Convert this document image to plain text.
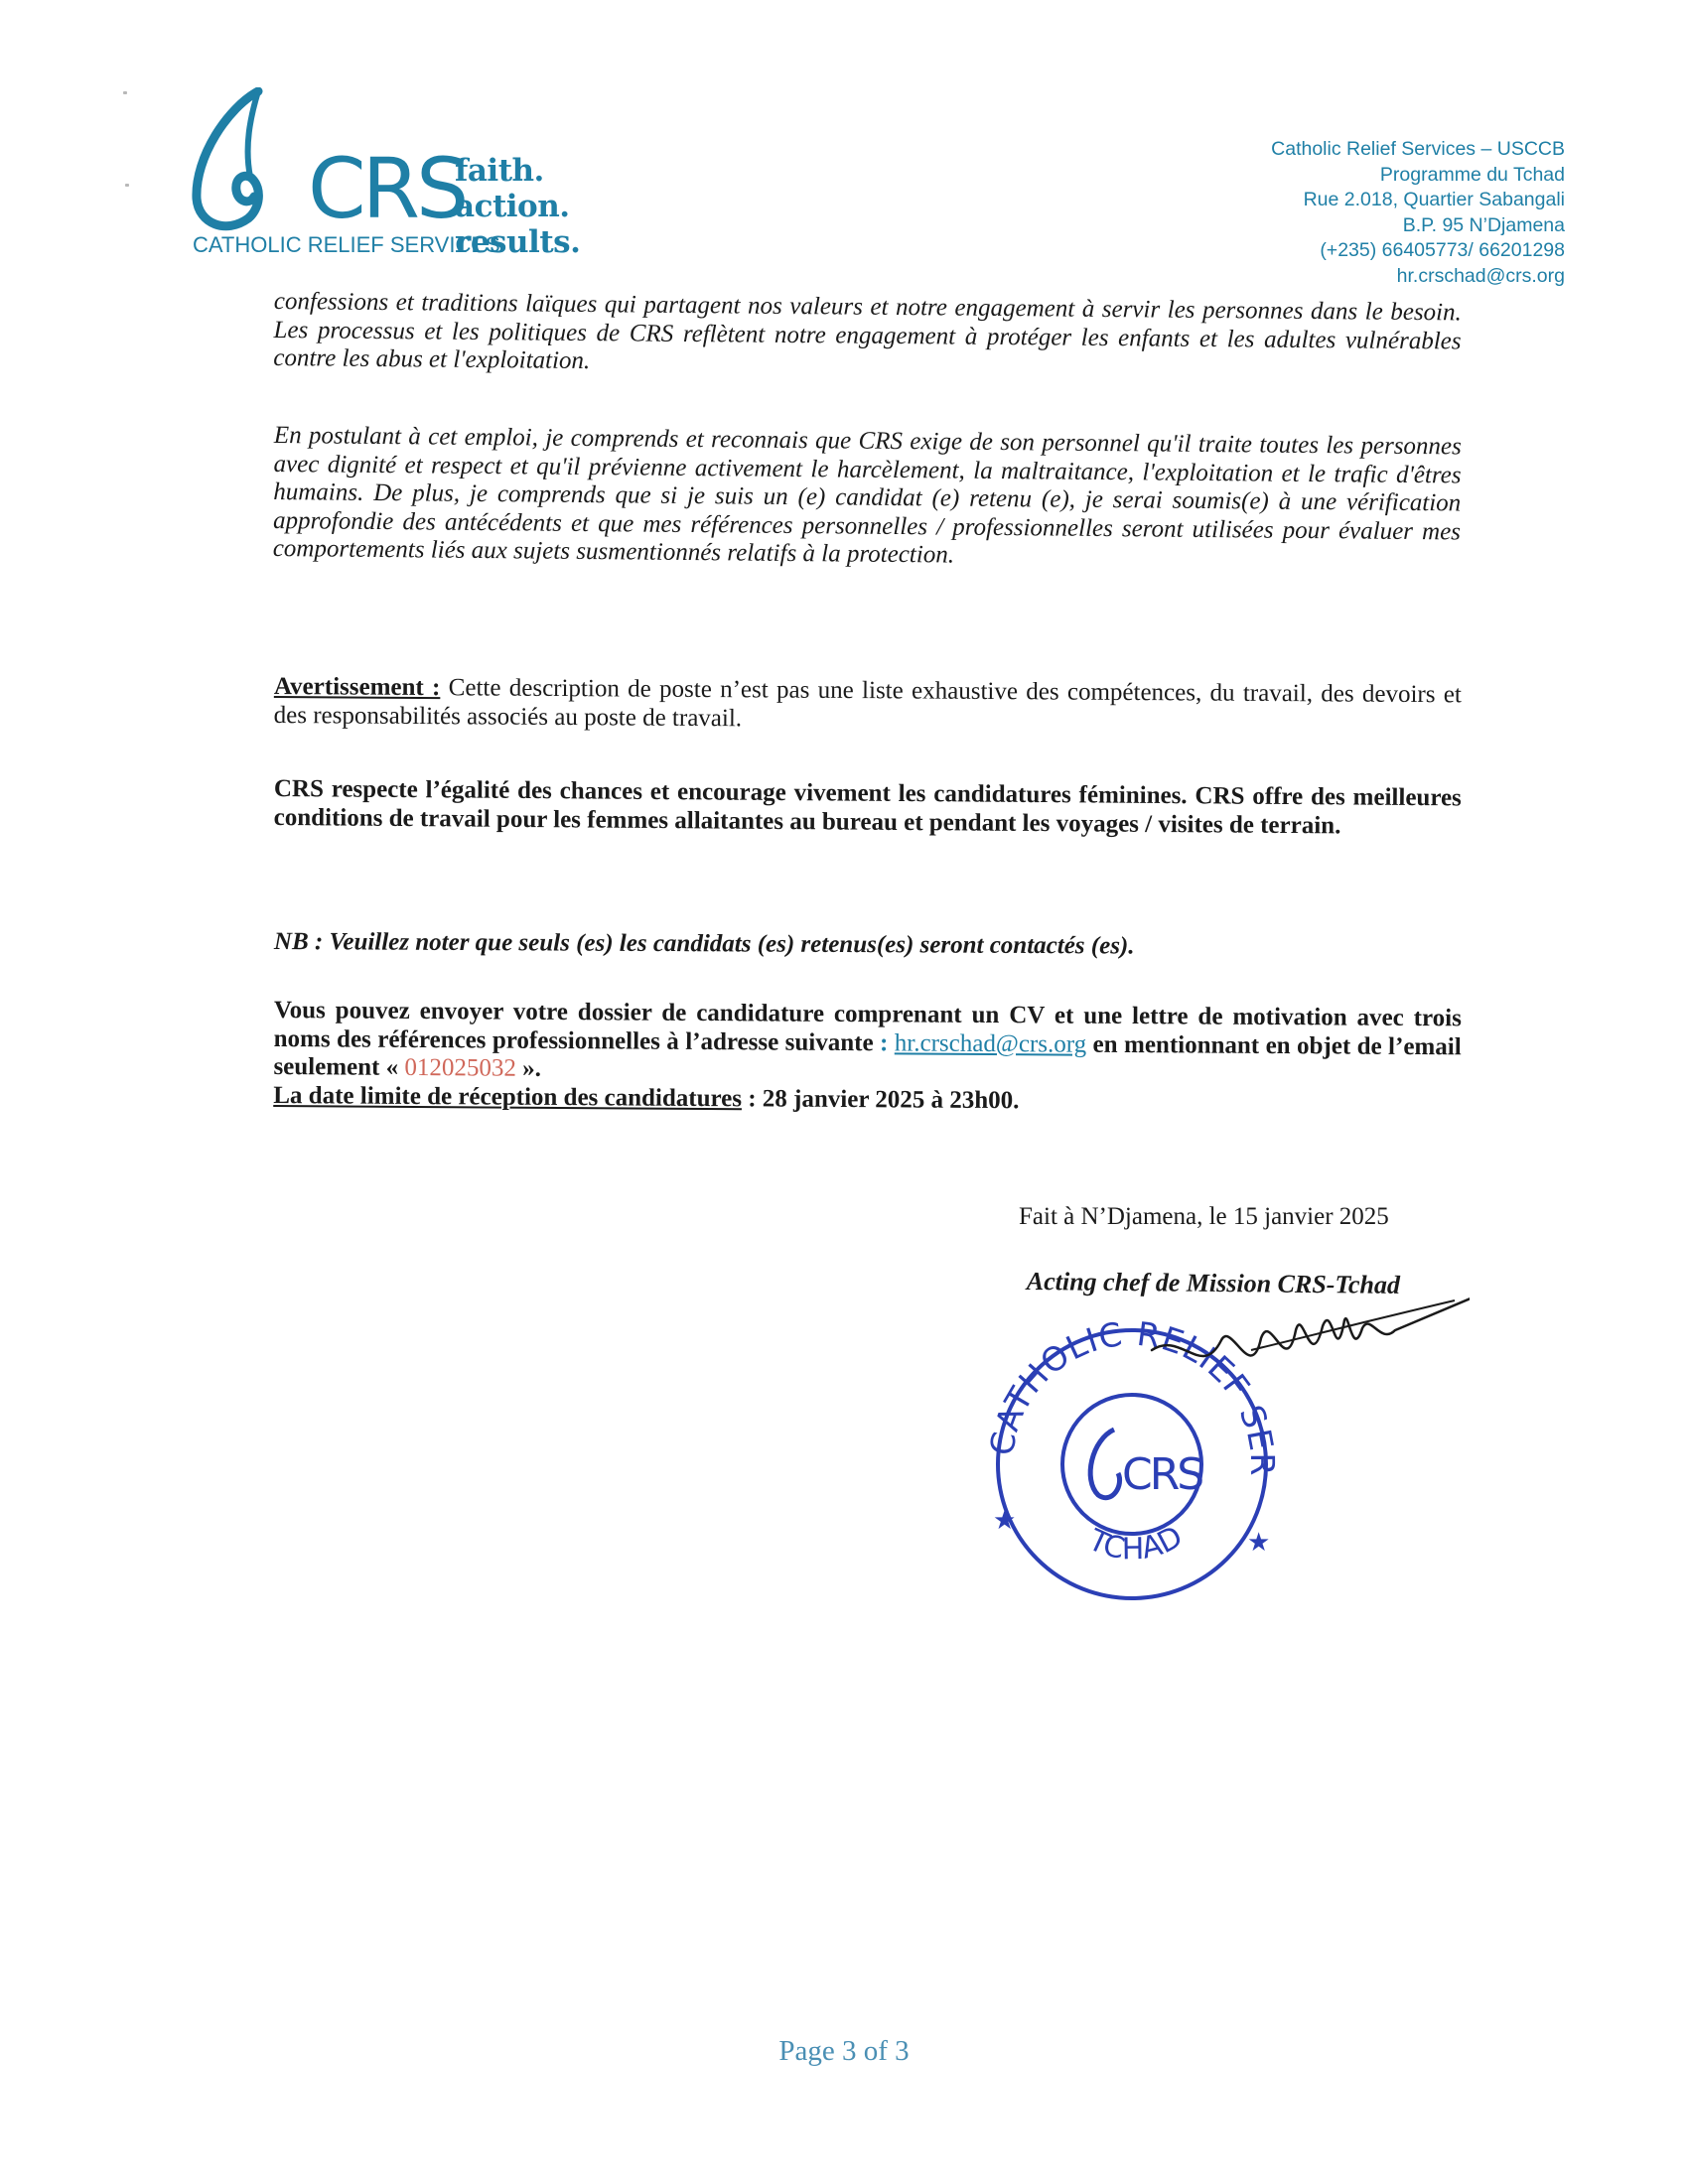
CRS
CATHOLIC RELIEF SERVICES
faith.
action.
results.
Catholic Relief Services – USCCB
Programme du Tchad
Rue 2.018, Quartier Sabangali
B.P. 95 N’Djamena
(+235) 66405773/ 66201298
hr.crschad@crs.org
confessions et traditions laïques qui partagent nos valeurs et notre engagement à servir les personnes dans le besoin. Les processus et les politiques de CRS reflètent notre engagement à protéger les enfants et les adultes vulnérables contre les abus et l'exploitation.
En postulant à cet emploi, je comprends et reconnais que CRS exige de son personnel qu'il traite toutes les personnes avec dignité et respect et qu'il prévienne activement le harcèlement, la maltraitance, l'exploitation et le trafic d'êtres humains. De plus, je comprends que si je suis un (e) candidat (e) retenu (e), je serai soumis(e) à une vérification approfondie des antécédents et que mes références personnelles / professionnelles seront utilisées pour évaluer mes comportements liés aux sujets susmentionnés relatifs à la protection.
Avertissement : Cette description de poste n’est pas une liste exhaustive des compétences, du travail, des devoirs et des responsabilités associés au poste de travail.
CRS respecte l’égalité des chances et encourage vivement les candidatures féminines. CRS offre des meilleures conditions de travail pour les femmes allaitantes au bureau et pendant les voyages / visites de terrain.
NB : Veuillez noter que seuls (es) les candidats (es) retenus(es) seront contactés (es).
Vous pouvez envoyer votre dossier de candidature comprenant un CV et une lettre de motivation avec trois noms des références professionnelles à l’adresse suivante : hr.crschad@crs.org en mentionnant en objet de l’email seulement « 012025032 ».
La date limite de réception des candidatures : 28 janvier 2025 à 23h00.
Fait à N’Djamena, le 15 janvier 2025
Acting chef de Mission CRS-Tchad
CATHOLIC RELIEF SER
TCHAD
★
★
CRS
Page 3 of 3
